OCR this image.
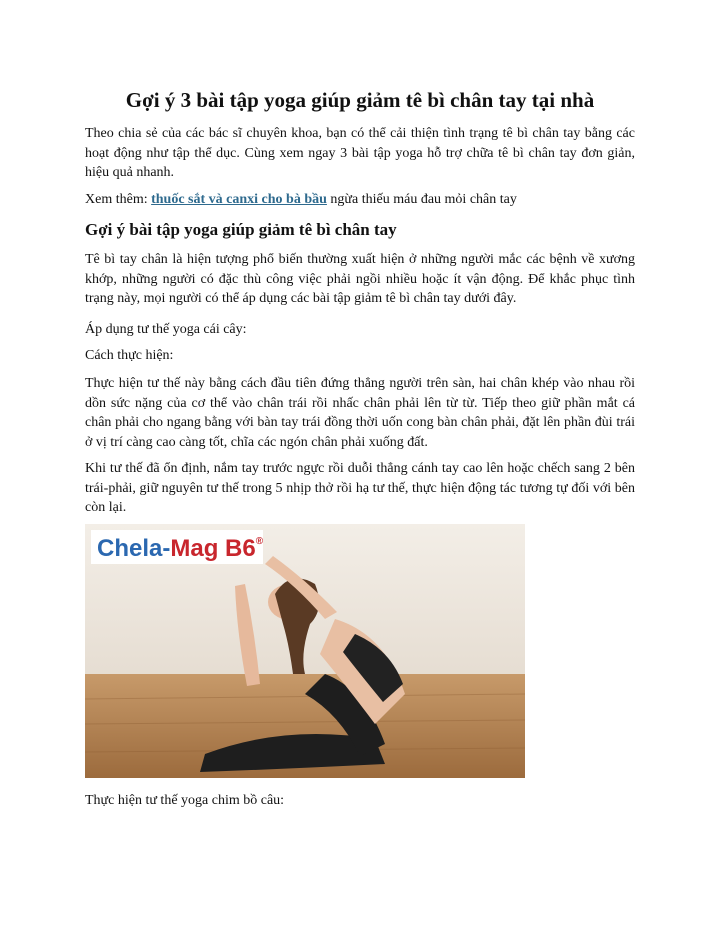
Gợi ý 3 bài tập yoga giúp giảm tê bì chân tay tại nhà

Theo chia sẻ của các bác sĩ chuyên khoa, bạn có thể cải thiện tình trạng tê bì chân tay bằng các hoạt động như tập thể dục. Cùng xem ngay 3 bài tập yoga hỗ trợ chữa tê bì chân tay đơn giản, hiệu quả nhanh.

Xem thêm: thuốc sắt và canxi cho bà bầu ngừa thiếu máu đau mỏi chân tay

Gợi ý bài tập yoga giúp giảm tê bì chân tay

Tê bì tay chân là hiện tượng phổ biến thường xuất hiện ở những người mắc các bệnh về xương khớp, những người có đặc thù công việc phải ngồi nhiều hoặc ít vận động. Để khắc phục tình trạng này, mọi người có thể áp dụng các bài tập giảm tê bì chân tay dưới đây.

Áp dụng tư thế yoga cái cây:

Cách thực hiện:

Thực hiện tư thế này bằng cách đầu tiên đứng thẳng người trên sàn, hai chân khép vào nhau rồi dồn sức nặng của cơ thể vào chân trái rồi nhấc chân phải lên từ từ. Tiếp theo giữ phần mắt cá chân phải cho ngang bằng với bàn tay trái đồng thời uốn cong bàn chân phải, đặt lên phần đùi trái ở vị trí càng cao càng tốt, chĩa các ngón chân phải xuống đất.

Khi tư thế đã ổn định, nắm tay trước ngực rồi duỗi thẳng cánh tay cao lên hoặc chếch sang 2 bên trái-phải, giữ nguyên tư thế trong 5 nhịp thở rồi hạ tư thế, thực hiện động tác tương tự đối với bên còn lại.

Chela-Mag B6®

Thực hiện tư thế yoga chim bồ câu:
